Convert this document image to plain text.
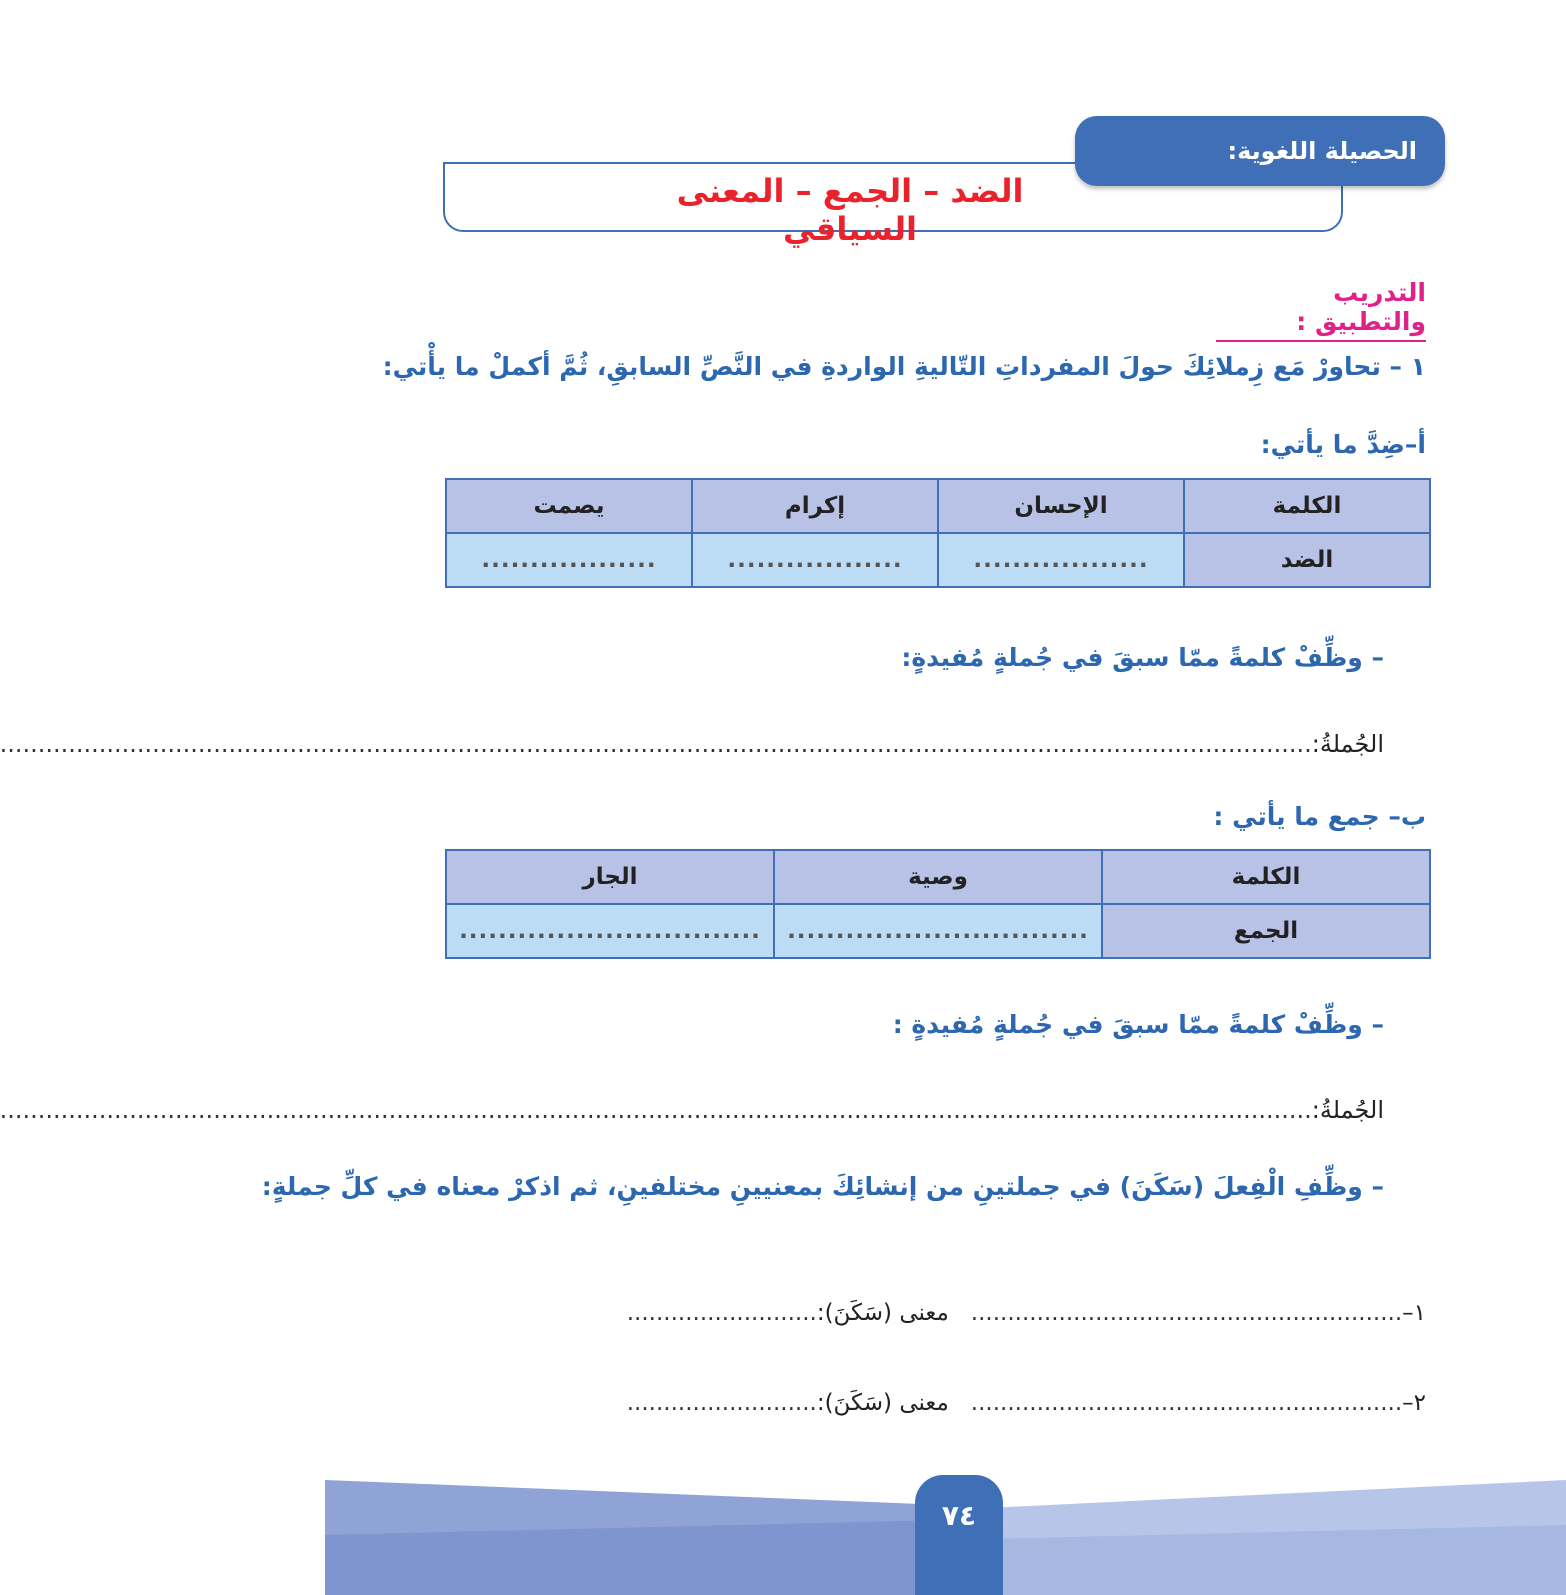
الحصيلة اللغوية:
الضد – الجمع – المعنى السياقي
التدريب والتطبيق :
١ – تحاورْ مَع زِملائِكَ حولَ المفرداتِ التّاليةِ الواردةِ في النَّصِّ السابقِ، ثُمَّ أكملْ ما يأْتي:
أ–ضِدَّ ما يأتي:
الكلمة	الإحسان	إكرام	يصمت
الضد	..................	..................	..................
– وظِّفْ كلمةً ممّا سبقَ في جُملةٍ مُفيدةٍ:
الجُملةُ:............................................................................................................................................................................
ب– جمع ما يأتي :
الكلمة	وصية	الجار
الجمع	...............................	...............................
– وظِّفْ كلمةً ممّا سبقَ في جُملةٍ مُفيدةٍ :
الجُملةُ:............................................................................................................................................................................
– وظِّفِ الْفِعلَ (سَكَنَ) في جملتينِ من إنشائِكَ بمعنيينِ مختلفينِ، ثم اذكرْ معناه في كلِّ جملةٍ:
١–...........................................................   معنى (سَكَنَ):..........................
٢–...........................................................   معنى (سَكَنَ):..........................
٧٤
